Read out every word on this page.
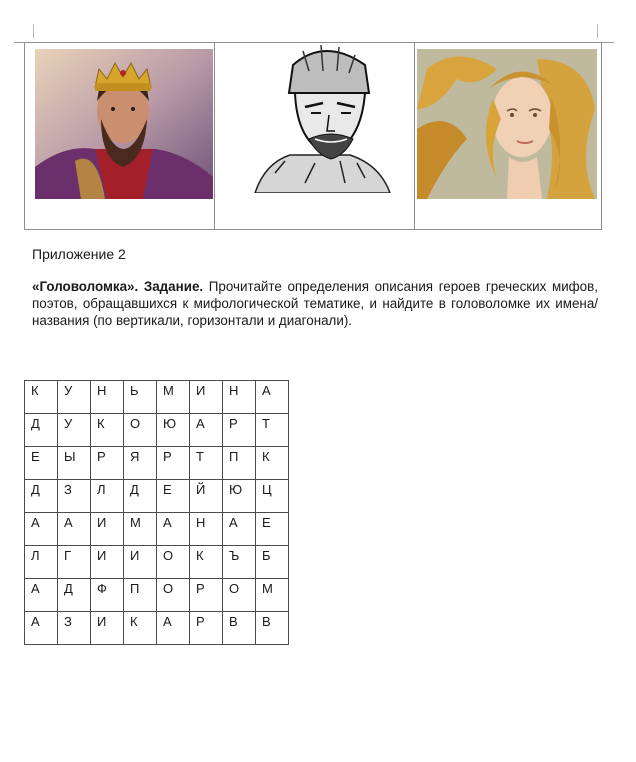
Приложение 2
«Головоломка». Задание. Прочитайте определения описания героев греческих мифов, поэтов, обращавшихся к мифологической тематике, и найдите в головоломке их имена/названия (по вертикали, горизонтали и диагонали).
К	У	Н	Ь	М	И	Н	А
Д	У	К	О	Ю	А	Р	Т
Е	Ы	Р	Я	Р	Т	П	К
Д	З	Л	Д	Е	Й	Ю	Ц
А	А	И	М	А	Н	А	Е
Л	Г	И	И	О	К	Ъ	Б
А	Д	Ф	П	О	Р	О	М
А	З	И	К	А	Р	В	В
